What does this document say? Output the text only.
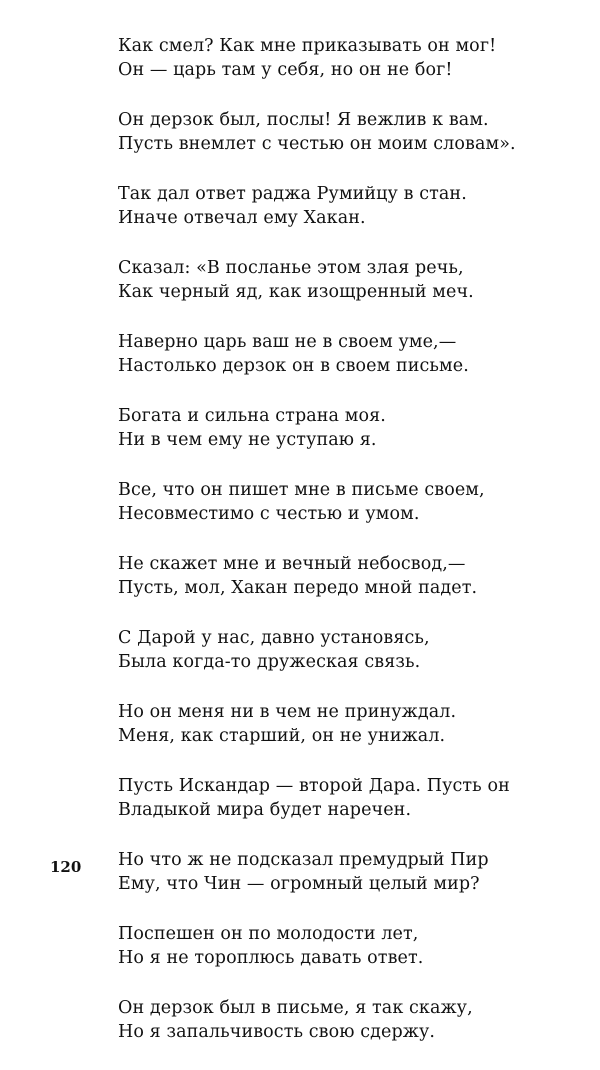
Как смел? Как мне приказывать он мог!
Он — царь там у себя, но он не бог!
Он дерзок был, послы! Я вежлив к вам.
Пусть внемлет с честью он моим словам».
Так дал ответ раджа Румийцу в стан.
Иначе отвечал ему Хакан.
Сказал: «В посланье этом злая речь,
Как черный яд, как изощренный меч.
Наверно царь ваш не в своем уме,—
Настолько дерзок он в своем письме.
Богата и сильна страна моя.
Ни в чем ему не уступаю я.
Все, что он пишет мне в письме своем,
Несовместимо с честью и умом.
Не скажет мне и вечный небосвод,—
Пусть, мол, Хакан передо мной падет.
С Дарой у нас, давно установясь,
Была когда-то дружеская связь.
Но он меня ни в чем не принуждал.
Меня, как старший, он не унижал.
Пусть Искандар — второй Дара. Пусть он
Владыкой мира будет наречен.
Но что ж не подсказал премудрый Пир
Ему, что Чин — огромный целый мир?
Поспешен он по молодости лет,
Но я не тороплюсь давать ответ.
Он дерзок был в письме, я так скажу,
Но я запальчивость свою сдержу.
120
